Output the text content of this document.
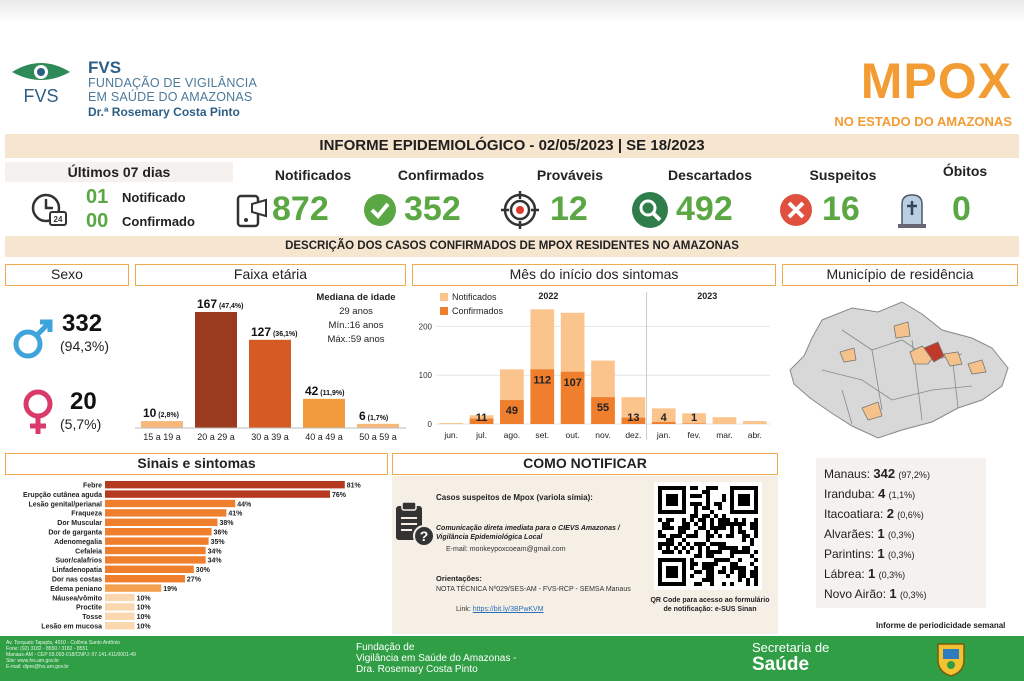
FVS
FVS
FUNDAÇÃO DE VIGILÂNCIA
EM SAÚDE DO AMAZONAS
Dr.ª Rosemary Costa Pinto
MPOX
NO ESTADO DO AMAZONAS
INFORME EPIDEMIOLÓGICO - 02/05/2023 | SE 18/2023
Últimos 07 dias
24
01 Notificado
00 Confirmado
Notificados
872
Confirmados
352
Prováveis
12
Descartados
492
Suspeitos
16
Óbitos
0
DESCRIÇÃO DOS CASOS CONFIRMADOS DE MPOX RESIDENTES NO AMAZONAS
Sexo	Faixa etária	Mês do início dos sintomas	Município de residência
332
(94,3%)
20
(5,7%)
10 (2,8%)
15 a 19 a
167 (47,4%)
20 a 29 a
127 (36,1%)
30 a 39 a
42 (11,9%)
40 a 49 a
6 (1,7%)
50 a 59 a
Mediana de idade
29 anos
Mín.:16 anos
Máx.:59 anos
0
100
200
jun.
11
jul.
49
ago.
112
set.
107
out.
55
nov.
13
dez.
4
jan.
1
fev. mar. abr.
2022	2023
Notificados
Confirmados
Manaus: 342 (97,2%)
Iranduba: 4 (1,1%)
Itacoatiara: 2 (0,6%)
Alvarães: 1 (0,3%)
Parintins: 1 (0,3%)
Lábrea: 1 (0,3%)
Novo Airão: 1 (0,3%)
Informe de periodicidade semanal
Sinais e sintomas
Febre	81%
Erupção cutânea aguda	76%
Lesão genital/perianal	44%
Fraqueza	41%
Dor Muscular	38%
Dor de garganta	36%
Adenomegalia	35%
Cefaleia	34%
Suor/calafrios	34%
Linfadenopatia	30%
Dor nas costas	27%
Edema peniano	19%
Náusea/vômito	10%
Proctite	10%
Tosse	10%
Lesão em mucosa	10%
COMO NOTIFICAR
?
Casos suspeitos de Mpox (variola símia):
Comunicação direta imediata para o CIEVS Amazonas / Vigilância Epidemiológica Local
E-mail: monkeypoxcoeam@gmail.com
Orientações:
NOTA TÉCNICA Nº029/SES-AM - FVS-RCP - SEMSA Manaus
Link: https://bit.ly/3BPwKVM
QR Code para acesso ao formulário de notificação: e-SUS Sinan
Av. Torquato Tapajós, 4010 - Colônia Santo Antônio
Fone: (92) 3182 - 8550 / 3182 - 8551
Manaus-AM - CEP 69.093-018/CNPJ: 07.141.411/0001-49
Site: www.fvs.am.gov.br
E-mail: dipre@fvs.am.gov.br
Fundação de
Vigilância em Saúde do Amazonas -
Dra. Rosemary Costa Pinto
Secretaria de
Saúde
